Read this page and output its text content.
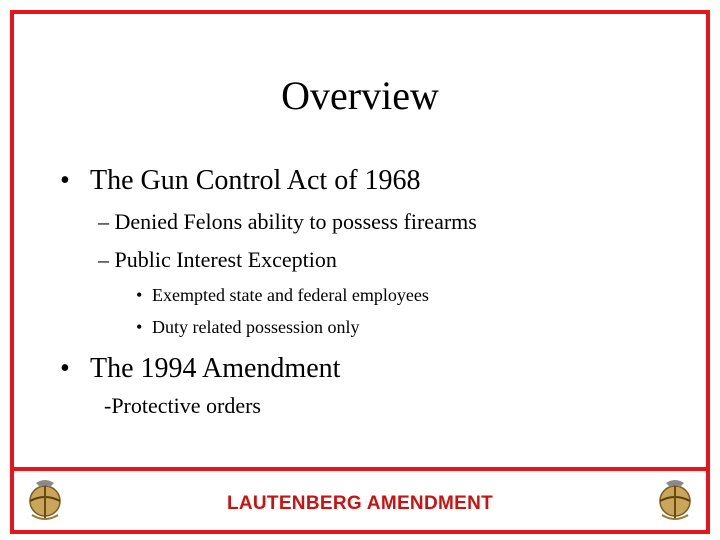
Overview
• The Gun Control Act of 1968
– Denied Felons ability to possess firearms
– Public Interest Exception
• Exempted state and federal employees
• Duty related possession only
• The 1994 Amendment
-Protective orders
LAUTENBERG AMENDMENT
